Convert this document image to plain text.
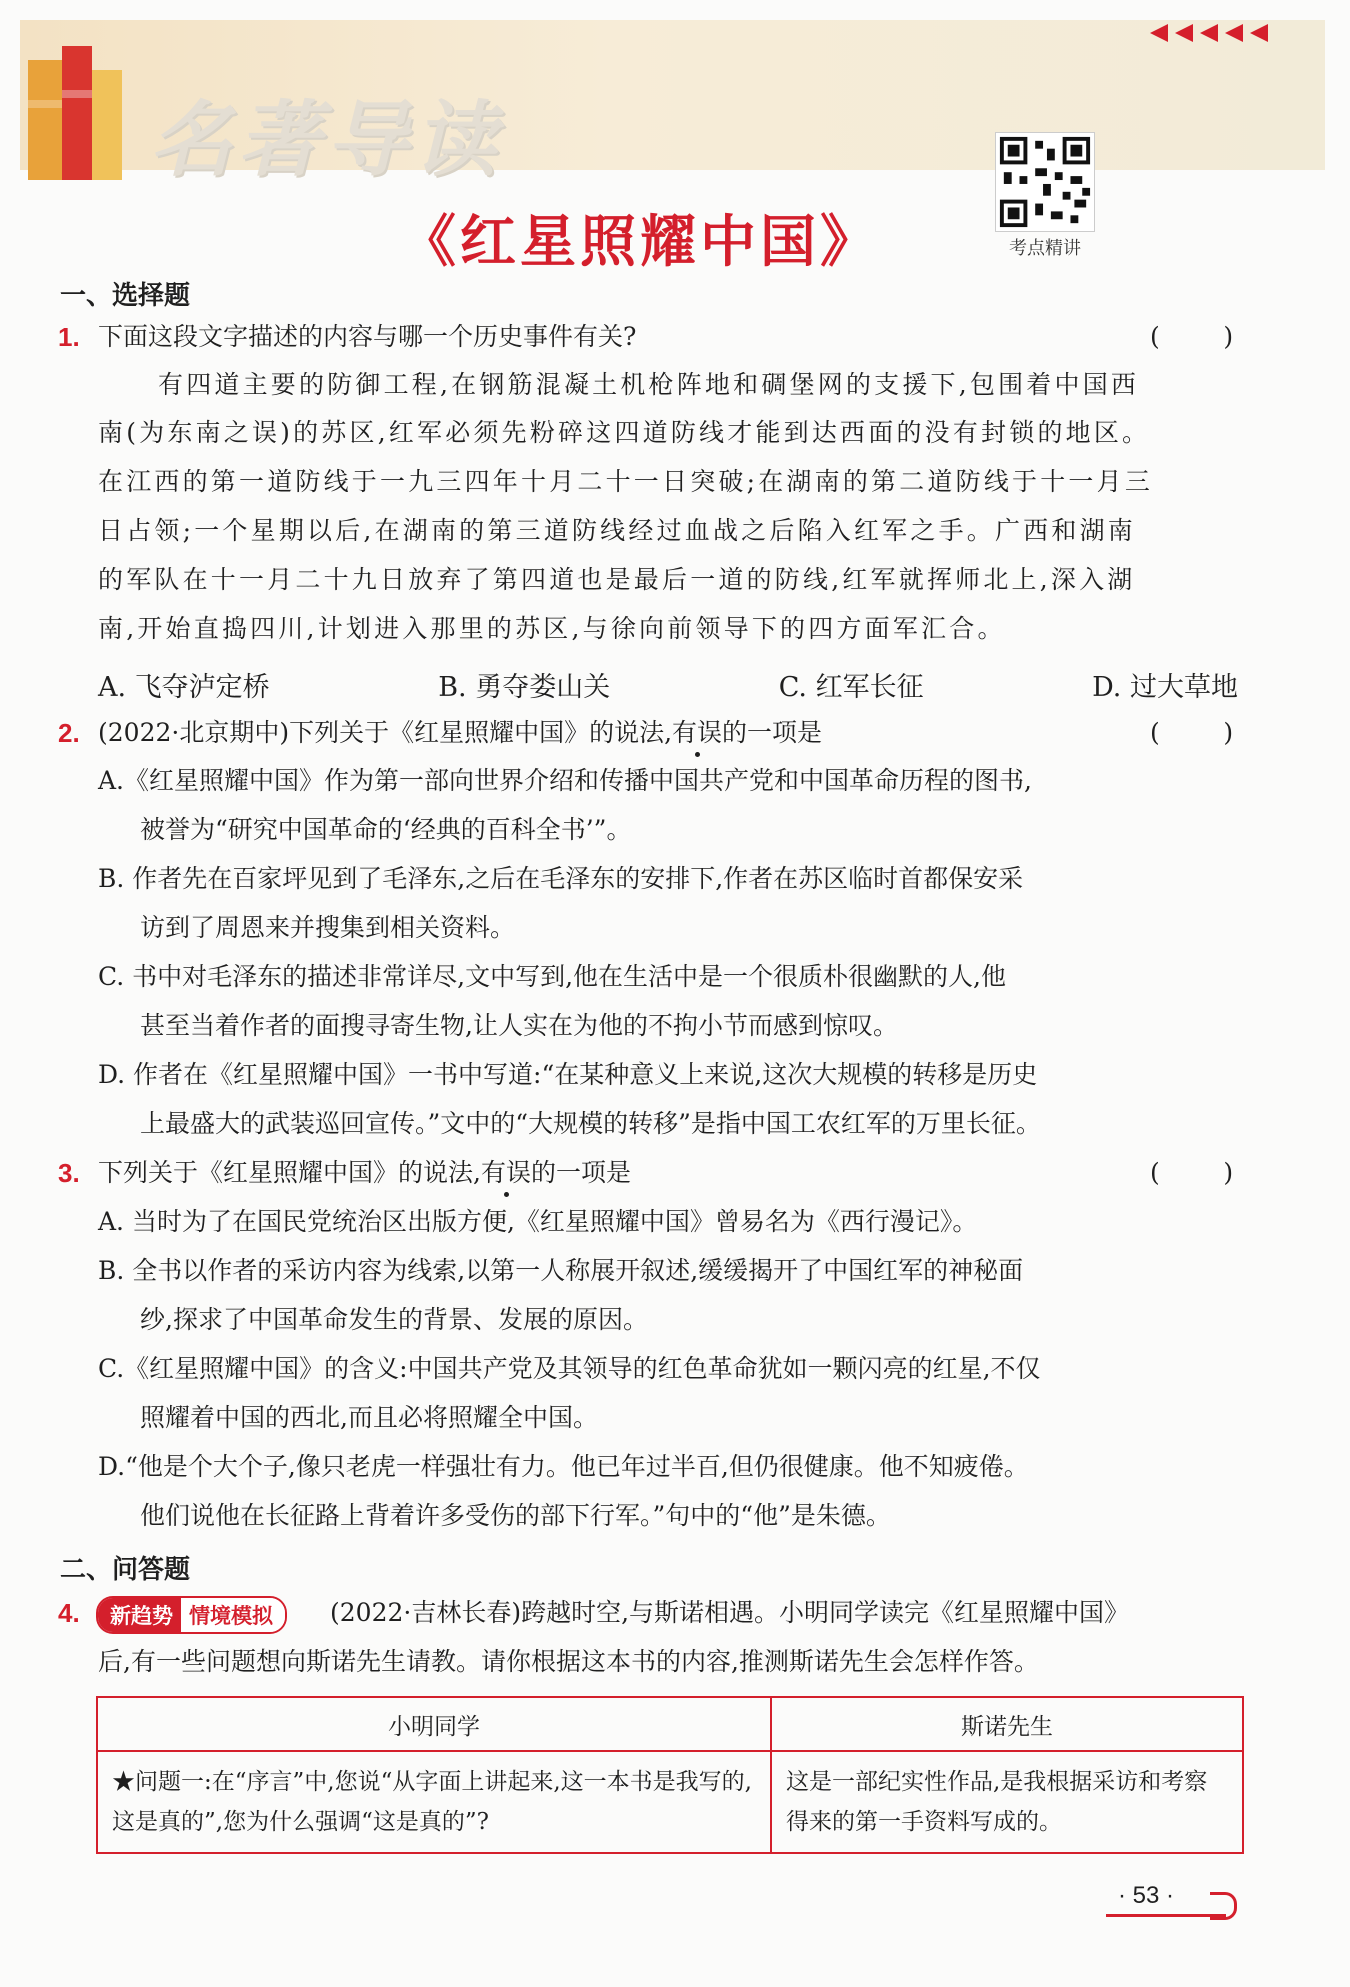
名著导读
考点精讲
《红星照耀中国》
一、选择题
1. 下面这段文字描述的内容与哪一个历史事件有关?	(        )
有四道主要的防御工程,在钢筋混凝土机枪阵地和碉堡网的支援下,包围着中国西
南(为东南之误)的苏区,红军必须先粉碎这四道防线才能到达西面的没有封锁的地区。
在江西的第一道防线于一九三四年十月二十一日突破;在湖南的第二道防线于十一月三
日占领;一个星期以后,在湖南的第三道防线经过血战之后陷入红军之手。广西和湖南
的军队在十一月二十九日放弃了第四道也是最后一道的防线,红军就挥师北上,深入湖
南,开始直捣四川,计划进入那里的苏区,与徐向前领导下的四方面军汇合。
A. 飞夺泸定桥	B. 勇夺娄山关	C. 红军长征	D. 过大草地
2. (2022·北京期中)下列关于《红星照耀中国》的说法,有误的一项是	(        )
A.《红星照耀中国》作为第一部向世界介绍和传播中国共产党和中国革命历程的图书,
被誉为“研究中国革命的‘经典的百科全书’”。
B. 作者先在百家坪见到了毛泽东,之后在毛泽东的安排下,作者在苏区临时首都保安采
访到了周恩来并搜集到相关资料。
C. 书中对毛泽东的描述非常详尽,文中写到,他在生活中是一个很质朴很幽默的人,他
甚至当着作者的面搜寻寄生物,让人实在为他的不拘小节而感到惊叹。
D. 作者在《红星照耀中国》一书中写道:“在某种意义上来说,这次大规模的转移是历史
上最盛大的武装巡回宣传。”文中的“大规模的转移”是指中国工农红军的万里长征。
3. 下列关于《红星照耀中国》的说法,有误的一项是	(        )
A. 当时为了在国民党统治区出版方便,《红星照耀中国》曾易名为《西行漫记》。
B. 全书以作者的采访内容为线索,以第一人称展开叙述,缓缓揭开了中国红军的神秘面
纱,探求了中国革命发生的背景、发展的原因。
C.《红星照耀中国》的含义:中国共产党及其领导的红色革命犹如一颗闪亮的红星,不仅
照耀着中国的西北,而且必将照耀全中国。
D.“他是个大个子,像只老虎一样强壮有力。他已年过半百,但仍很健康。他不知疲倦。
他们说他在长征路上背着许多受伤的部下行军。”句中的“他”是朱德。
二、问答题
4.	新趋势 情境模拟	(2022·吉林长春)跨越时空,与斯诺相遇。小明同学读完《红星照耀中国》
后,有一些问题想向斯诺先生请教。请你根据这本书的内容,推测斯诺先生会怎样作答。
小明同学	斯诺先生
★问题一:在“序言”中,您说“从字面上讲起来,这一本书是我写的,这是真的”,您为什么强调“这是真的”?	这是一部纪实性作品,是我根据采访和考察得来的第一手资料写成的。
· 53 ·
